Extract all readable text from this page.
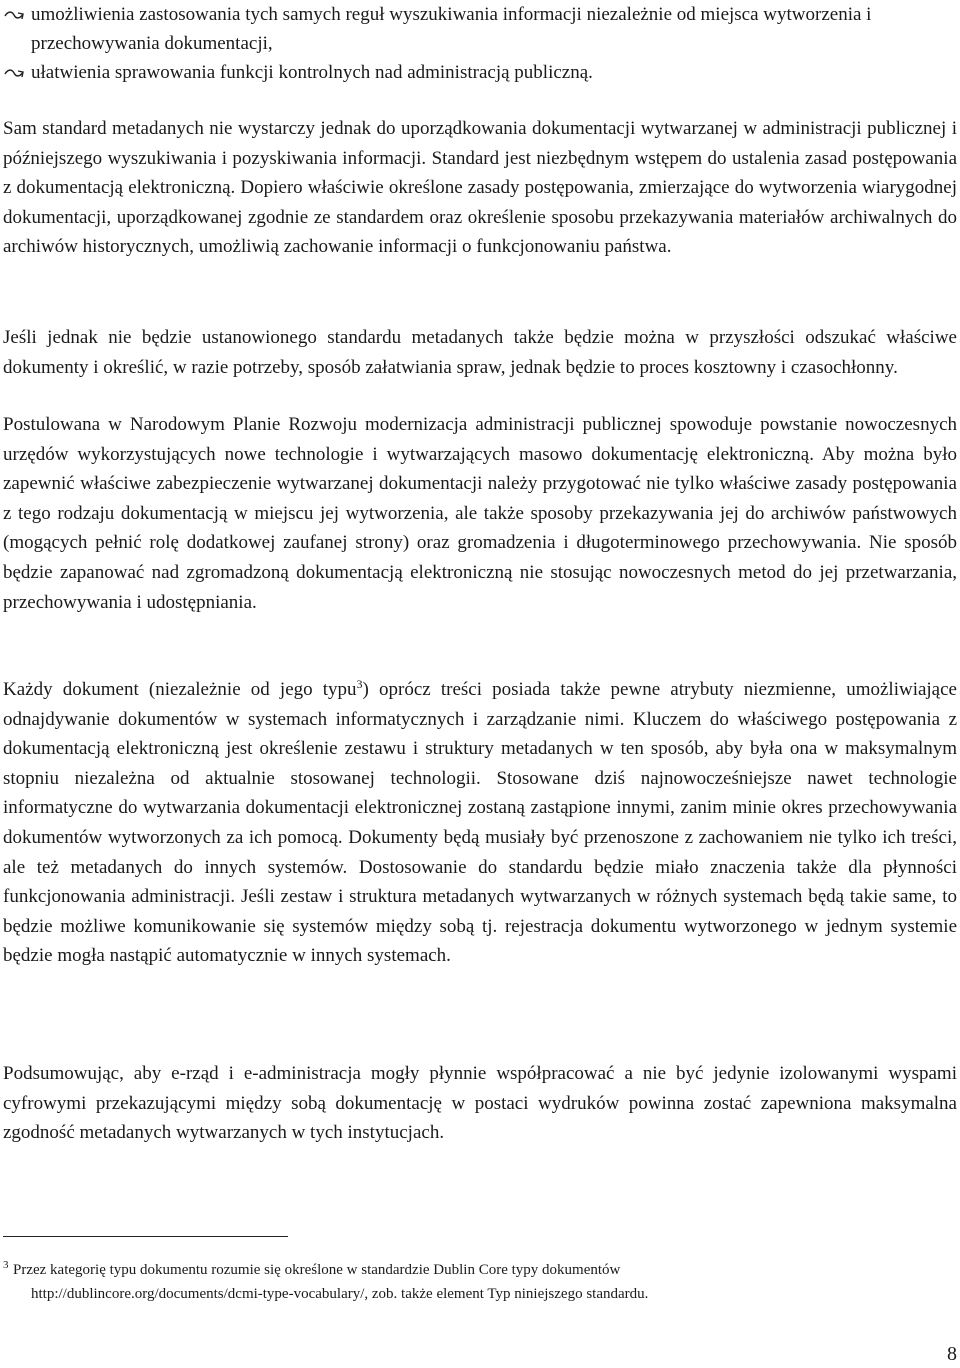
umożliwienia zastosowania tych samych reguł wyszukiwania informacji niezależnie od miejsca wytworzenia i przechowywania dokumentacji,
ułatwienia sprawowania funkcji kontrolnych nad administracją publiczną.

Sam standard metadanych nie wystarczy jednak do uporządkowania dokumentacji wytwarzanej w administracji publicznej i późniejszego wyszukiwania i pozyskiwania informacji. Standard jest niezbędnym wstępem do ustalenia zasad postępowania z dokumentacją elektroniczną. Dopiero właściwie określone zasady postępowania, zmierzające do wytworzenia wiarygodnej dokumentacji, uporządkowanej zgodnie ze standardem oraz określenie sposobu przekazywania materiałów archiwalnych do archiwów historycznych, umożliwią zachowanie informacji o funkcjonowaniu państwa.

Jeśli jednak nie będzie ustanowionego standardu metadanych także będzie można w przyszłości odszukać właściwe dokumenty i określić, w razie potrzeby, sposób załatwiania spraw, jednak będzie to proces kosztowny i czasochłonny.

Postulowana w Narodowym Planie Rozwoju modernizacja administracji publicznej spowoduje powstanie nowoczesnych urzędów wykorzystujących nowe technologie i wytwarzających masowo dokumentację elektroniczną. Aby można było zapewnić właściwe zabezpieczenie wytwarzanej dokumentacji należy przygotować nie tylko właściwe zasady postępowania z tego rodzaju dokumentacją w miejscu jej wytworzenia, ale także sposoby przekazywania jej do archiwów państwowych (mogących pełnić rolę dodatkowej zaufanej strony) oraz gromadzenia i długoterminowego przechowywania. Nie sposób będzie zapanować nad zgromadzoną dokumentacją elektroniczną nie stosując nowoczesnych metod do jej przetwarzania, przechowywania i udostępniania.

Każdy dokument (niezależnie od jego typu$^3$) oprócz treści posiada także pewne atrybuty niezmienne, umożliwiające odnajdywanie dokumentów w systemach informatycznych i zarządzanie nimi. Kluczem do właściwego postępowania z dokumentacją elektroniczną jest określenie zestawu i struktury metadanych w ten sposób, aby była ona w maksymalnym stopniu niezależna od aktualnie stosowanej technologii. Stosowane dziś najnowocześniejsze nawet technologie informatyczne do wytwarzania dokumentacji elektronicznej zostaną zastąpione innymi, zanim minie okres przechowywania dokumentów wytworzonych za ich pomocą. Dokumenty będą musiały być przenoszone z zachowaniem nie tylko ich treści, ale też metadanych do innych systemów. Dostosowanie do standardu będzie miało znaczenia także dla płynności funkcjonowania administracji. Jeśli zestaw i struktura metadanych wytwarzanych w różnych systemach będą takie same, to będzie możliwe komunikowanie się systemów między sobą tj. rejestracja dokumentu wytworzonego w jednym systemie będzie mogła nastąpić automatycznie w innych systemach.

Podsumowując, aby e-rząd i e-administracja mogły płynnie współpracować a nie być jedynie izolowanymi wyspami cyfrowymi przekazującymi między sobą dokumentację w postaci wydruków powinna zostać zapewniona maksymalna zgodność metadanych wytwarzanych w tych instytucjach.

3 Przez kategorię typu dokumentu rozumie się określone w standardzie Dublin Core typy dokumentów
http://dublincore.org/documents/dcmi-type-vocabulary/, zob. także element Typ niniejszego standardu.
8
